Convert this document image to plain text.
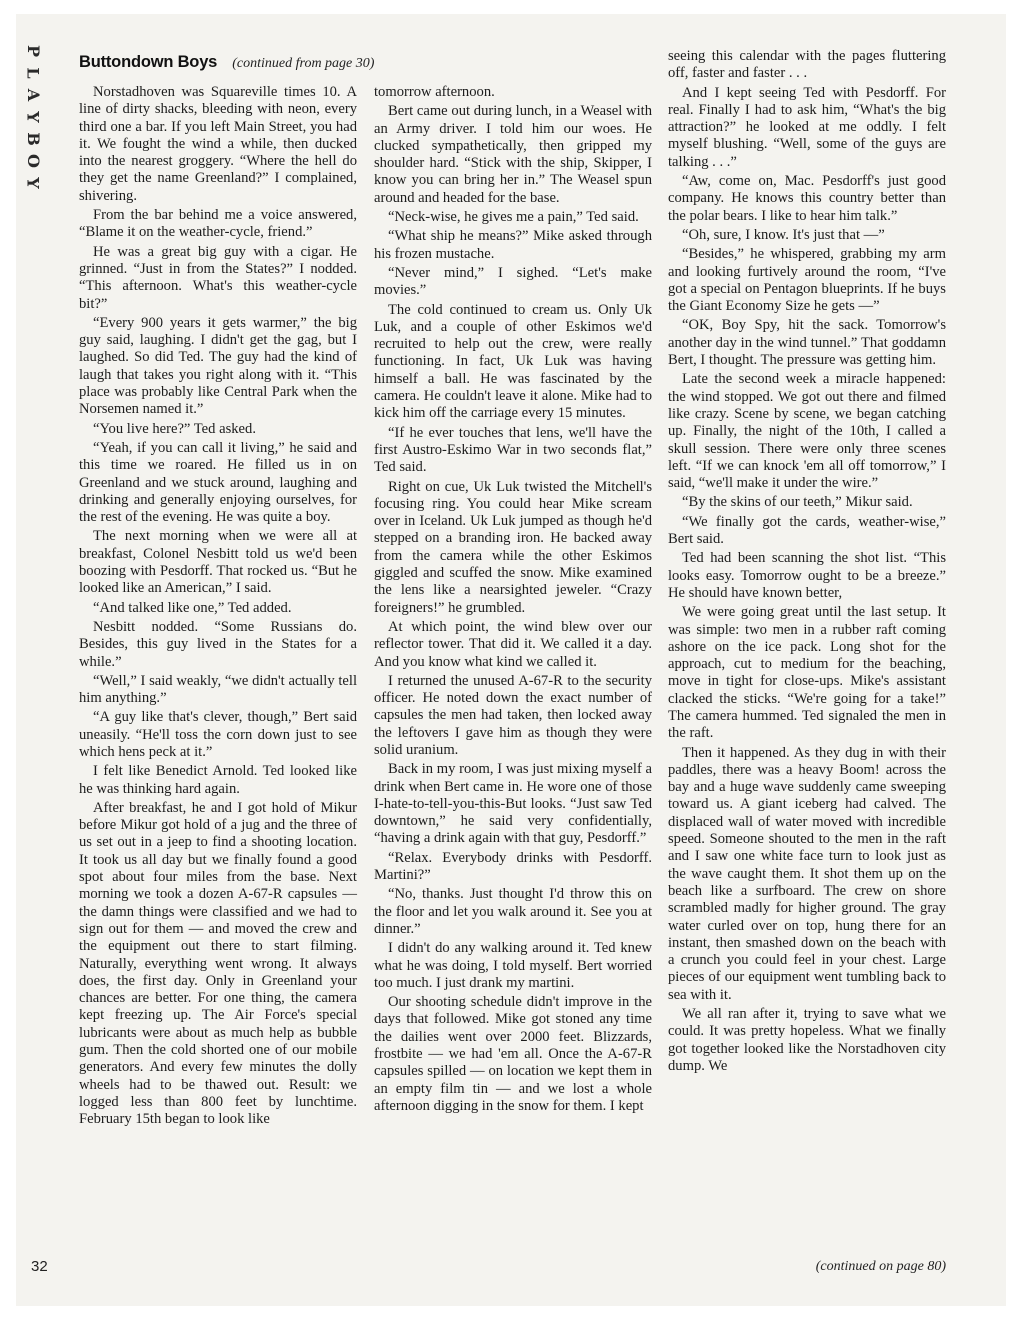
P
L
A
Y
B
O
Y
Buttondown Boys (continued from page 30)

Norstadhoven was Squareville times 10. A line of dirty shacks, bleeding with neon, every third one a bar. If you left Main Street, you had it. We fought the wind a while, then ducked into the nearest groggery. “Where the hell do they get the name Greenland?” I complained, shivering.

From the bar behind me a voice answered, “Blame it on the weather-cycle, friend.”

He was a great big guy with a cigar. He grinned. “Just in from the States?” I nodded. “This afternoon. What's this weather-cycle bit?”

“Every 900 years it gets warmer,” the big guy said, laughing. I didn't get the gag, but I laughed. So did Ted. The guy had the kind of laugh that takes you right along with it. “This place was probably like Central Park when the Norsemen named it.”

“You live here?” Ted asked.

“Yeah, if you can call it living,” he said and this time we roared. He filled us in on Greenland and we stuck around, laughing and drinking and generally enjoying ourselves, for the rest of the evening. He was quite a boy.

The next morning when we were all at breakfast, Colonel Nesbitt told us we'd been boozing with Pesdorff. That rocked us. “But he looked like an American,” I said.

“And talked like one,” Ted added.

Nesbitt nodded. “Some Russians do. Besides, this guy lived in the States for a while.”

“Well,” I said weakly, “we didn't actually tell him anything.”

“A guy like that's clever, though,” Bert said uneasily. “He'll toss the corn down just to see which hens peck at it.”

I felt like Benedict Arnold. Ted looked like he was thinking hard again.

After breakfast, he and I got hold of Mikur before Mikur got hold of a jug and the three of us set out in a jeep to find a shooting location. It took us all day but we finally found a good spot about four miles from the base. Next morning we took a dozen A-67-R capsules — the damn things were classified and we had to sign out for them — and moved the crew and the equipment out there to start filming. Naturally, everything went wrong. It always does, the first day. Only in Greenland your chances are better. For one thing, the camera kept freezing up. The Air Force's special lubricants were about as much help as bubble gum. Then the cold shorted one of our mobile generators. And every few minutes the dolly wheels had to be thawed out. Result: we logged less than 800 feet by lunchtime. February 15th began to look like

tomorrow afternoon.

Bert came out during lunch, in a Weasel with an Army driver. I told him our woes. He clucked sympathetically, then gripped my shoulder hard. “Stick with the ship, Skipper, I know you can bring her in.” The Weasel spun around and headed for the base.

“Neck-wise, he gives me a pain,” Ted said.

“What ship he means?” Mike asked through his frozen mustache.

“Never mind,” I sighed. “Let's make movies.”

The cold continued to cream us. Only Uk Luk, and a couple of other Eskimos we'd recruited to help out the crew, were really functioning. In fact, Uk Luk was having himself a ball. He was fascinated by the camera. He couldn't leave it alone. Mike had to kick him off the carriage every 15 minutes.

“If he ever touches that lens, we'll have the first Austro-Eskimo War in two seconds flat,” Ted said.

Right on cue, Uk Luk twisted the Mitchell's focusing ring. You could hear Mike scream over in Iceland. Uk Luk jumped as though he'd stepped on a branding iron. He backed away from the camera while the other Eskimos giggled and scuffed the snow. Mike examined the lens like a nearsighted jeweler. “Crazy foreigners!” he grumbled.

At which point, the wind blew over our reflector tower. That did it. We called it a day. And you know what kind we called it.

I returned the unused A-67-R to the security officer. He noted down the exact number of capsules the men had taken, then locked away the leftovers I gave him as though they were solid uranium.

Back in my room, I was just mixing myself a drink when Bert came in. He wore one of those I-hate-to-tell-you-this-But looks. “Just saw Ted downtown,” he said very confidentially, “having a drink again with that guy, Pesdorff.”

“Relax. Everybody drinks with Pesdorff. Martini?”

“No, thanks. Just thought I'd throw this on the floor and let you walk around it. See you at dinner.”

I didn't do any walking around it. Ted knew what he was doing, I told myself. Bert worried too much. I just drank my martini.

Our shooting schedule didn't improve in the days that followed. Mike got stoned any time the dailies went over 2000 feet. Blizzards, frostbite — we had 'em all. Once the A-67-R capsules spilled — on location we kept them in an empty film tin — and we lost a whole afternoon digging in the snow for them. I kept

seeing this calendar with the pages fluttering off, faster and faster . . .

And I kept seeing Ted with Pesdorff. For real. Finally I had to ask him, “What's the big attraction?” he looked at me oddly. I felt myself blushing. “Well, some of the guys are talking . . .”

“Aw, come on, Mac. Pesdorff's just good company. He knows this country better than the polar bears. I like to hear him talk.”

“Oh, sure, I know. It's just that —”

“Besides,” he whispered, grabbing my arm and looking furtively around the room, “I've got a special on Pentagon blueprints. If he buys the Giant Economy Size he gets —”

“OK, Boy Spy, hit the sack. Tomorrow's another day in the wind tunnel.” That goddamn Bert, I thought. The pressure was getting him.

Late the second week a miracle happened: the wind stopped. We got out there and filmed like crazy. Scene by scene, we began catching up. Finally, the night of the 10th, I called a skull session. There were only three scenes left. “If we can knock 'em all off tomorrow,” I said, “we'll make it under the wire.”

“By the skins of our teeth,” Mikur said.

“We finally got the cards, weather-wise,” Bert said.

Ted had been scanning the shot list. “This looks easy. Tomorrow ought to be a breeze.” He should have known better,

We were going great until the last setup. It was simple: two men in a rubber raft coming ashore on the ice pack. Long shot for the approach, cut to medium for the beaching, move in tight for close-ups. Mike's assistant clacked the sticks. “We're going for a take!” The camera hummed. Ted signaled the men in the raft.

Then it happened. As they dug in with their paddles, there was a heavy Boom! across the bay and a huge wave suddenly came sweeping toward us. A giant iceberg had calved. The displaced wall of water moved with incredible speed. Someone shouted to the men in the raft and I saw one white face turn to look just as the wave caught them. It shot them up on the beach like a surfboard. The crew on shore scrambled madly for higher ground. The gray water curled over on top, hung there for an instant, then smashed down on the beach with a crunch you could feel in your chest. Large pieces of our equipment went tumbling back to sea with it.

We all ran after it, trying to save what we could. It was pretty hopeless. What we finally got together looked like the Norstadhoven city dump. We

(continued on page 80)
32
